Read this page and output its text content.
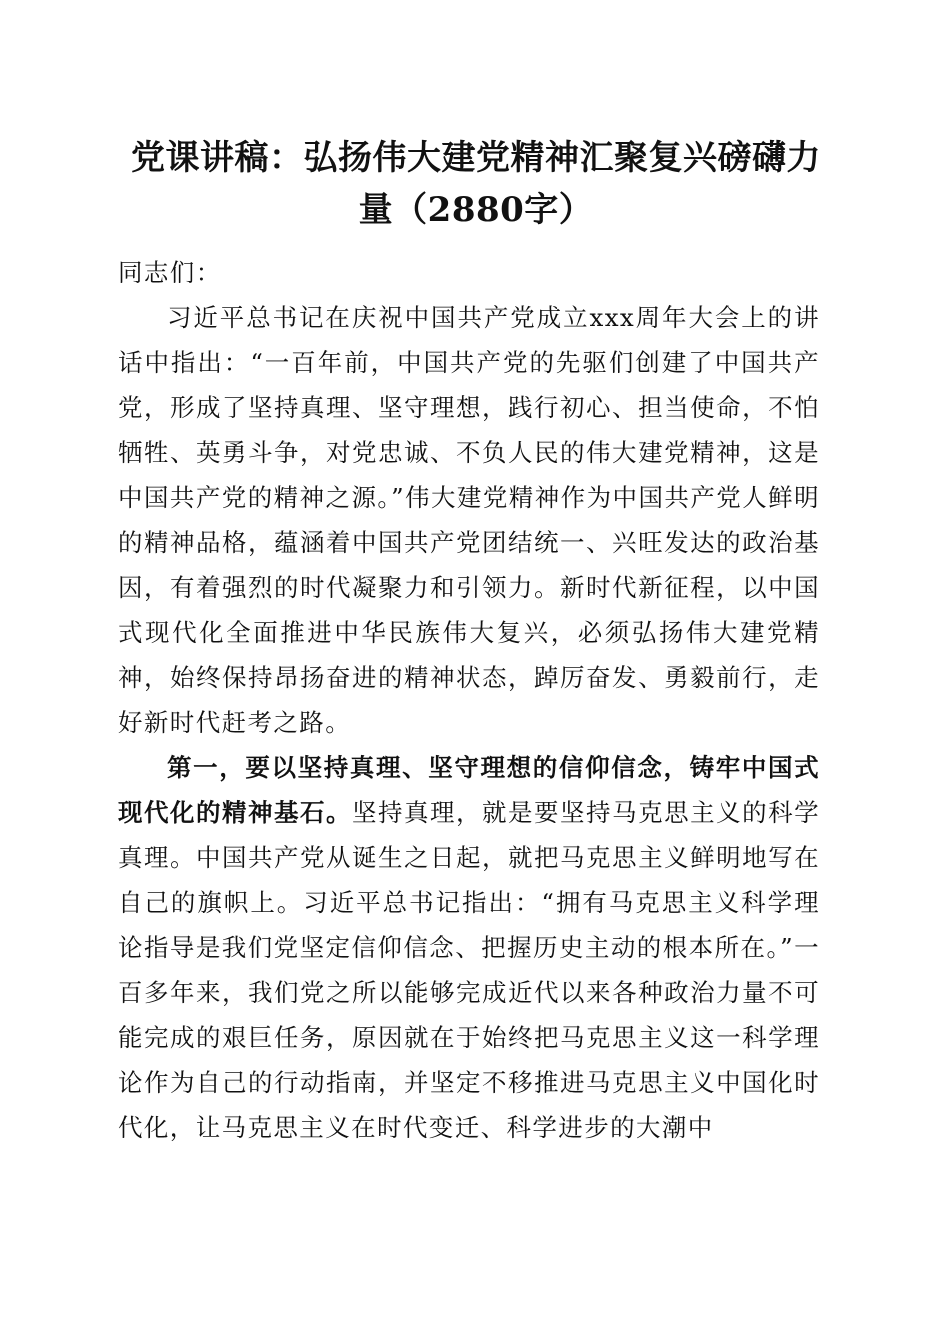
党课讲稿：弘扬伟大建党精神汇聚复兴磅礴力量（2880字）

同志们：

习近平总书记在庆祝中国共产党成立xxx周年大会上的讲话中指出：“一百年前，中国共产党的先驱们创建了中国共产党，形成了坚持真理、坚守理想，践行初心、担当使命，不怕牺牲、英勇斗争，对党忠诚、不负人民的伟大建党精神，这是中国共产党的精神之源。”伟大建党精神作为中国共产党人鲜明的精神品格，蕴涵着中国共产党团结统一、兴旺发达的政治基因，有着强烈的时代凝聚力和引领力。新时代新征程，以中国式现代化全面推进中华民族伟大复兴，必须弘扬伟大建党精神，始终保持昂扬奋进的精神状态，踔厉奋发、勇毅前行，走好新时代赶考之路。

第一，要以坚持真理、坚守理想的信仰信念，铸牢中国式现代化的精神基石。坚持真理，就是要坚持马克思主义的科学真理。中国共产党从诞生之日起，就把马克思主义鲜明地写在自己的旗帜上。习近平总书记指出：“拥有马克思主义科学理论指导是我们党坚定信仰信念、把握历史主动的根本所在。”一百多年来，我们党之所以能够完成近代以来各种政治力量不可能完成的艰巨任务，原因就在于始终把马克思主义这一科学理论作为自己的行动指南，并坚定不移推进马克思主义中国化时代化，让马克思主义在时代变迁、科学进步的大潮中
